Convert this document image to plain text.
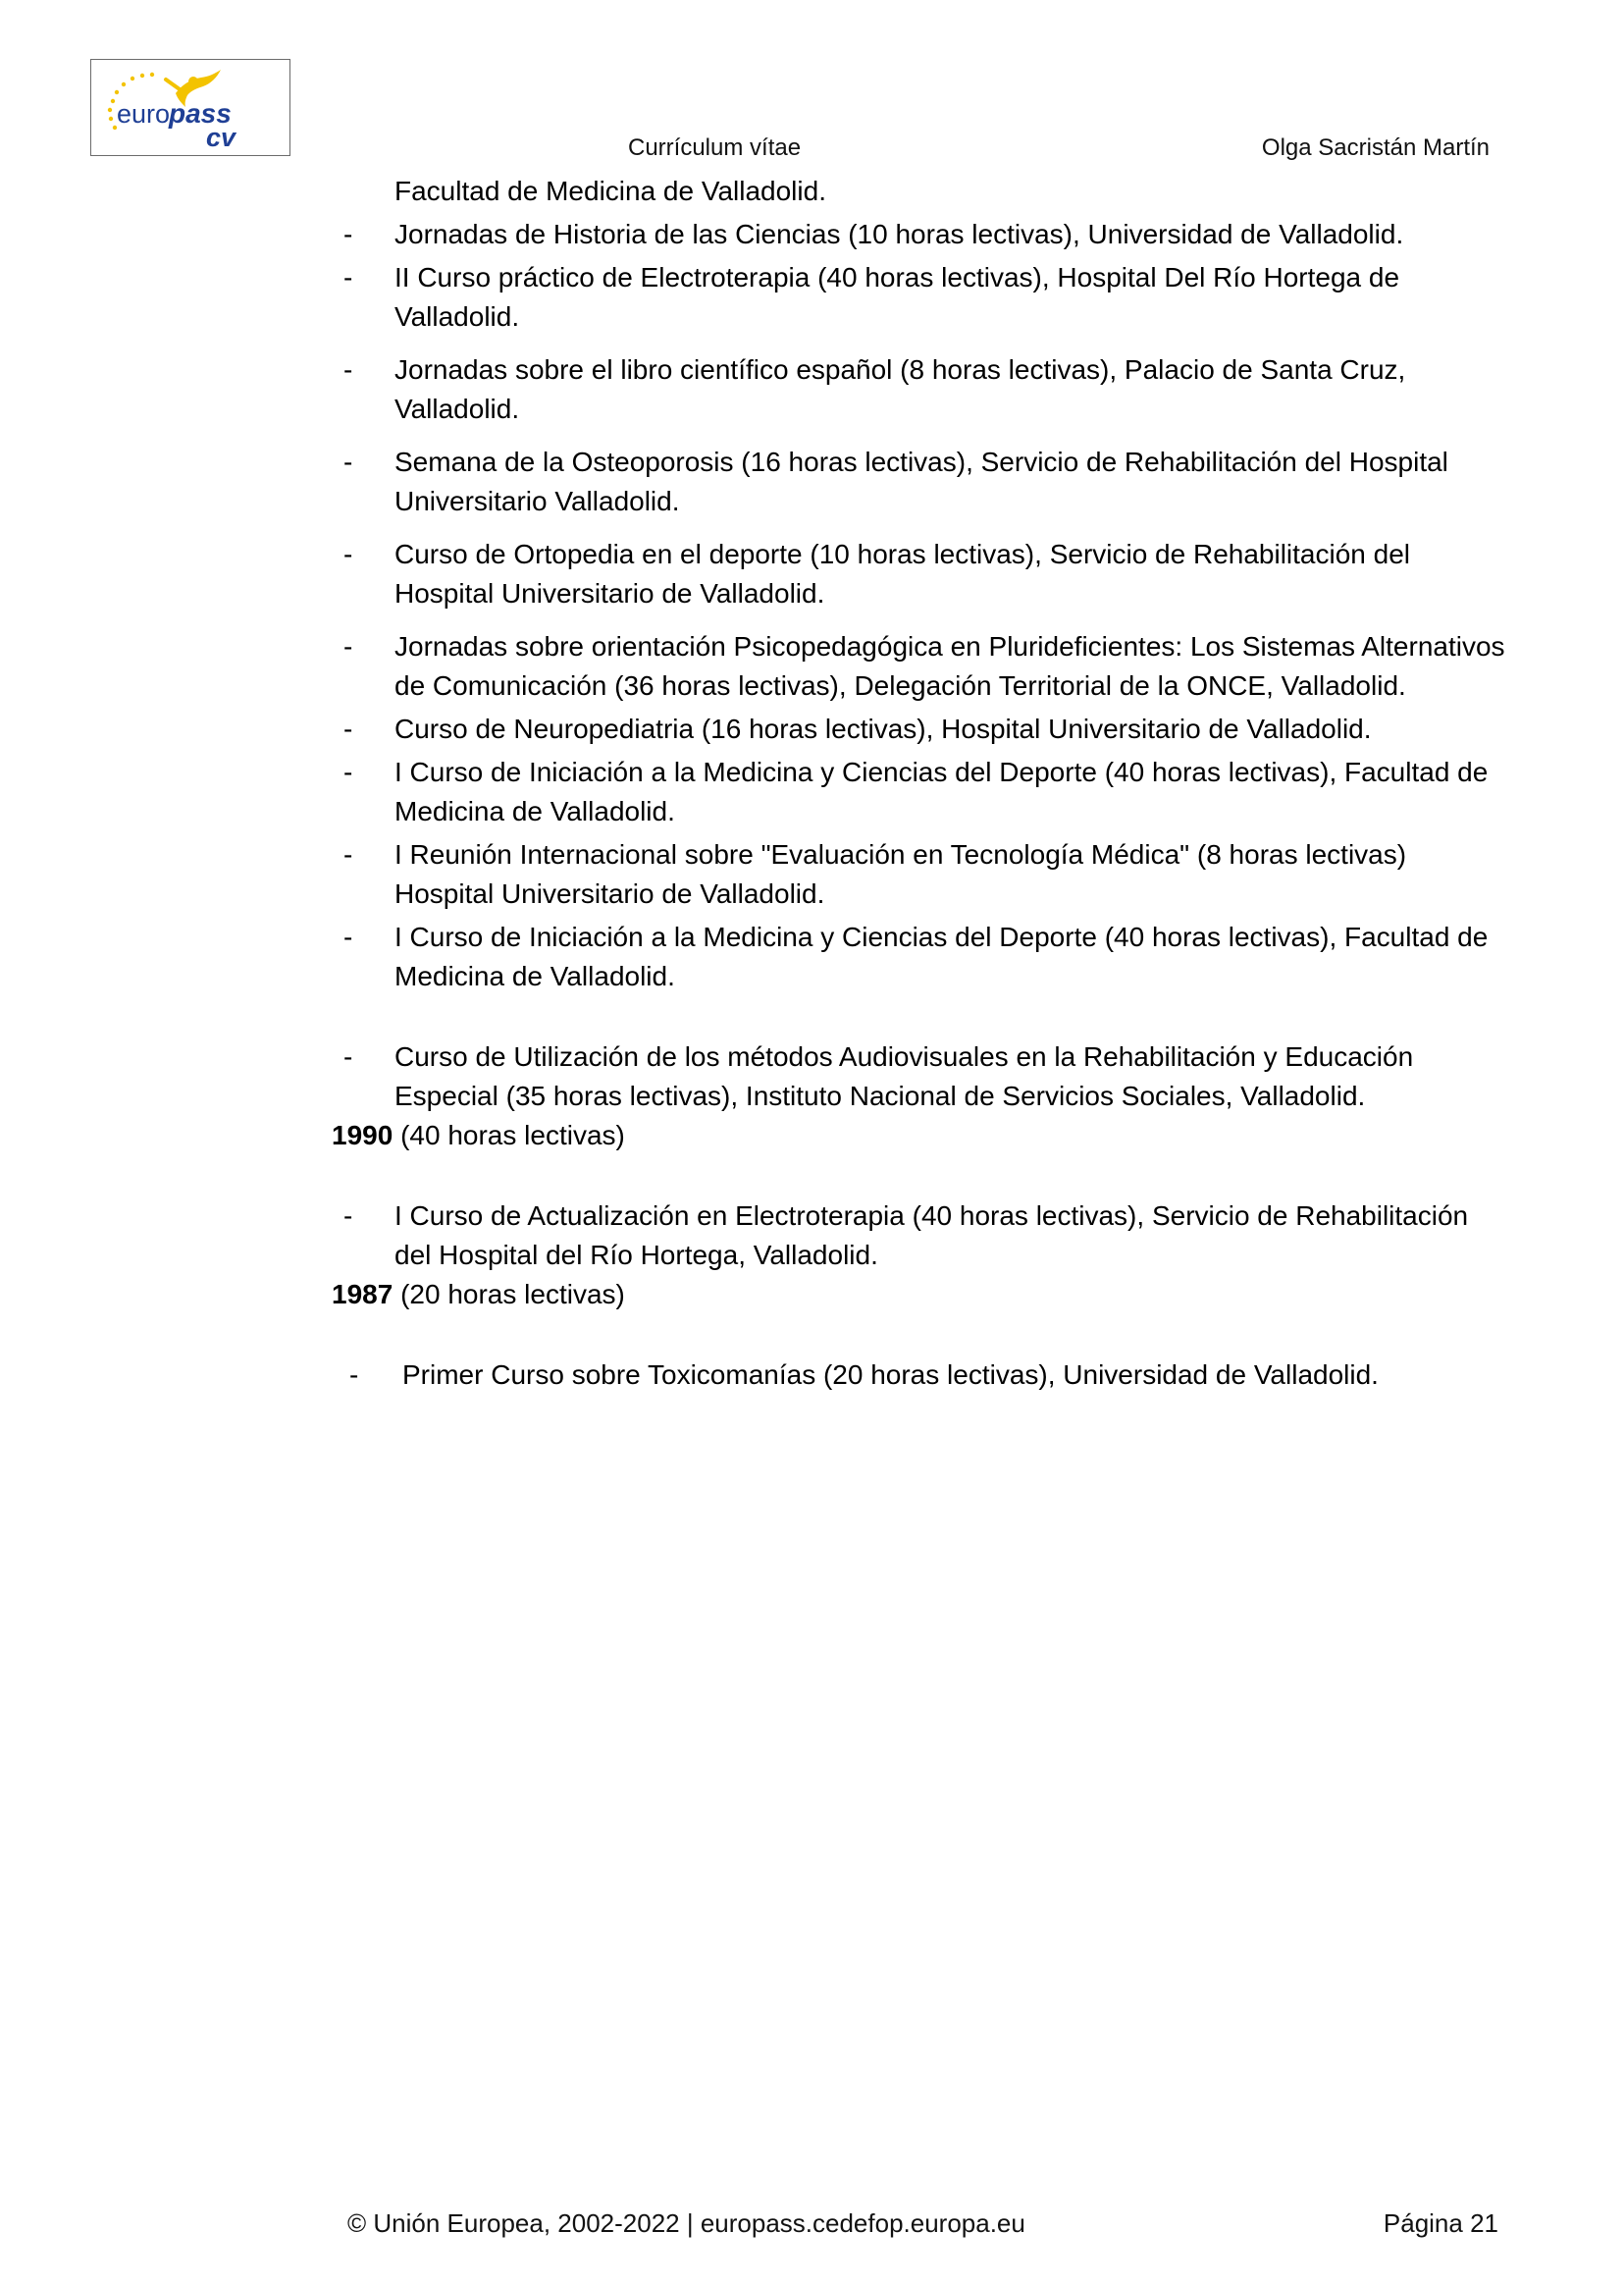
euro
pass
cv	Currículum vítae	Olga Sacristán Martín

Facultad de Medicina de Valladolid.

- Jornadas de Historia de las Ciencias (10 horas lectivas), Universidad de Valladolid.
- II Curso práctico de Electroterapia (40 horas lectivas), Hospital Del Río Hortega de Valladolid.
- Jornadas sobre el libro científico español (8 horas lectivas), Palacio de Santa Cruz, Valladolid.
- Semana de la Osteoporosis (16 horas lectivas), Servicio de Rehabilitación del Hospital Universitario Valladolid.
- Curso de Ortopedia en el deporte (10 horas lectivas), Servicio de Rehabilitación del Hospital Universitario de Valladolid.
- Jornadas sobre orientación Psicopedagógica en Plurideficientes: Los Sistemas Alternativos de Comunicación (36 horas lectivas), Delegación Territorial de la ONCE, Valladolid.
- Curso de Neuropediatria (16 horas lectivas), Hospital Universitario de Valladolid.
- I Curso de Iniciación a la Medicina y Ciencias del Deporte (40 horas lectivas), Facultad de Medicina de Valladolid.
- I Reunión Internacional sobre "Evaluación en Tecnología Médica" (8 horas lectivas) Hospital Universitario de Valladolid.
- I Curso de Iniciación a la Medicina y Ciencias del Deporte (40 horas lectivas), Facultad de Medicina de Valladolid.
- Curso de Utilización de los métodos Audiovisuales en la Rehabilitación y Educación Especial (35 horas lectivas), Instituto Nacional de Servicios Sociales, Valladolid.

1990 (40 horas lectivas)

- I Curso de Actualización en Electroterapia (40 horas lectivas), Servicio de Rehabilitación del Hospital del Río Hortega, Valladolid.

1987 (20 horas lectivas)

- Primer Curso sobre Toxicomanías (20 horas lectivas), Universidad de Valladolid.
© Unión Europea, 2002-2022 | europass.cedefop.europa.eu	Página 21
